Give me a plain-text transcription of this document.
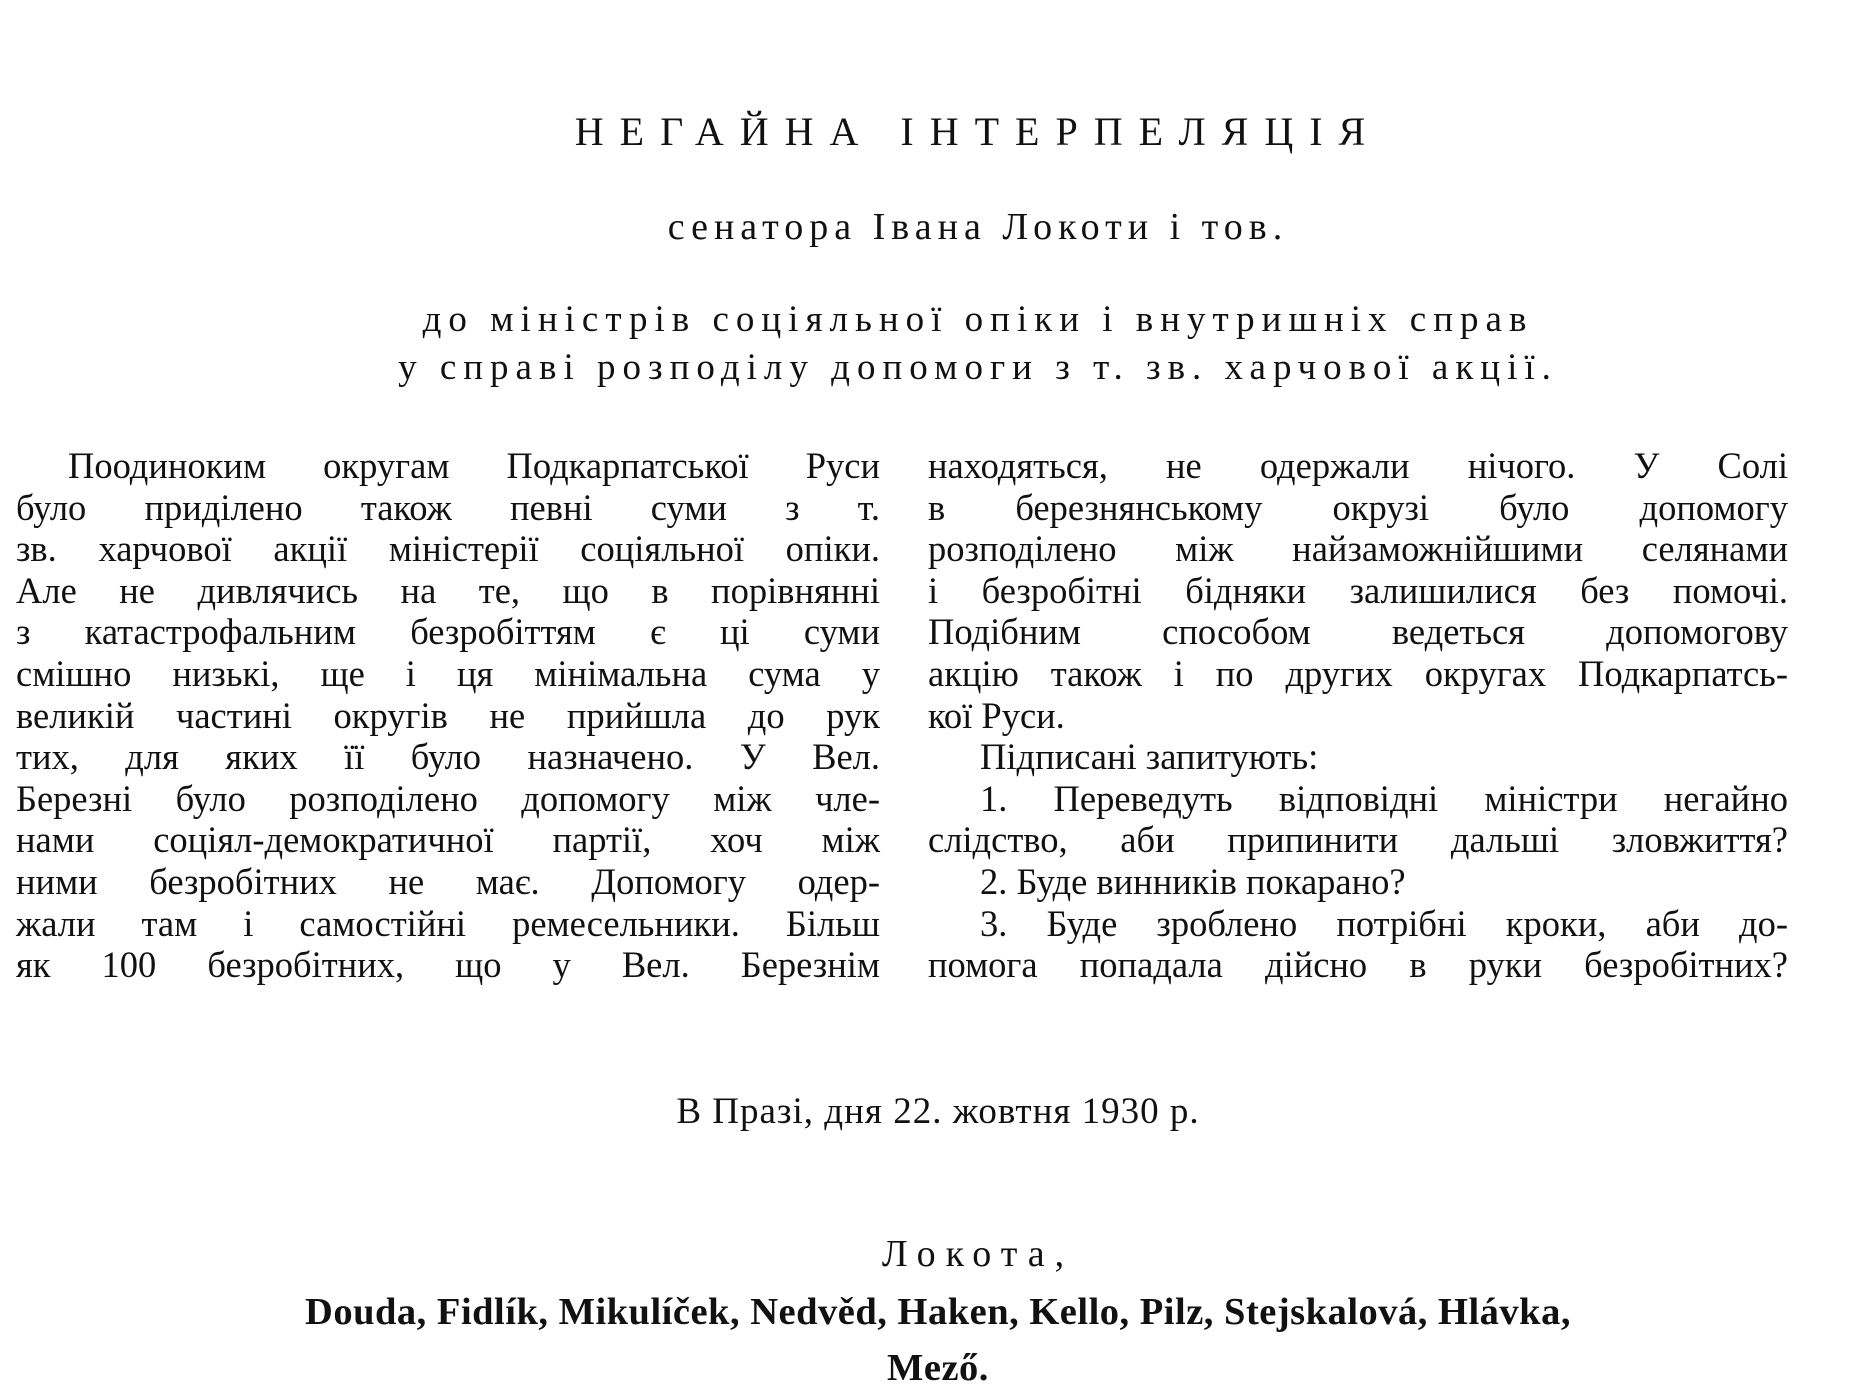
НЕГАЙНА ІНТЕРПЕЛЯЦІЯ
сенатора Івана Локоти і тов.
до міністрів соціяльної опіки і внутришніх справ
у справі розподілу допомоги з т. зв. харчової акції.
Поодиноким округам Подкарпатської Руси
було приділено також певні суми з т.
зв. харчової акції міністерії соціяльної опіки.
Але не дивлячись на те, що в порівнянні
з катастрофальним безробіттям є ці суми
смішно низькі, ще і ця мінімальна сума у
великій частині округів не прийшла до рук
тих, для яких її було назначено. У Вел.
Березні було розподілено допомогу між чле-
нами соціял-демократичної партії, хоч між
ними безробітних не має. Допомогу одер-
жали там і самостійні ремесельники. Більш
як 100 безробітних, що у Вел. Березнім
находяться, не одержали нічого. У Солі
в березнянському окрузі було допомогу
розподілено між найзаможнійшими селянами
і безробітні бідняки залишилися без помочі.
Подібним способом ведеться допомогову
акцію також і по других округах Подкарпатсь-
кої Руси.
Підписані запитують:
1. Переведуть відповідні міністри негайно
слідство, аби припинити дальші зловжиття?
2. Буде винників покарано?
3. Буде зроблено потрібні кроки, аби до-
помога попадала дійсно в руки безробітних?
В Празі, дня 22. жовтня 1930 р.
Локота,
Douda, Fidlík, Mikulíček, Nedvěd, Haken, Kello, Pilz, Stejskalová, Hlávka,
Mező.
